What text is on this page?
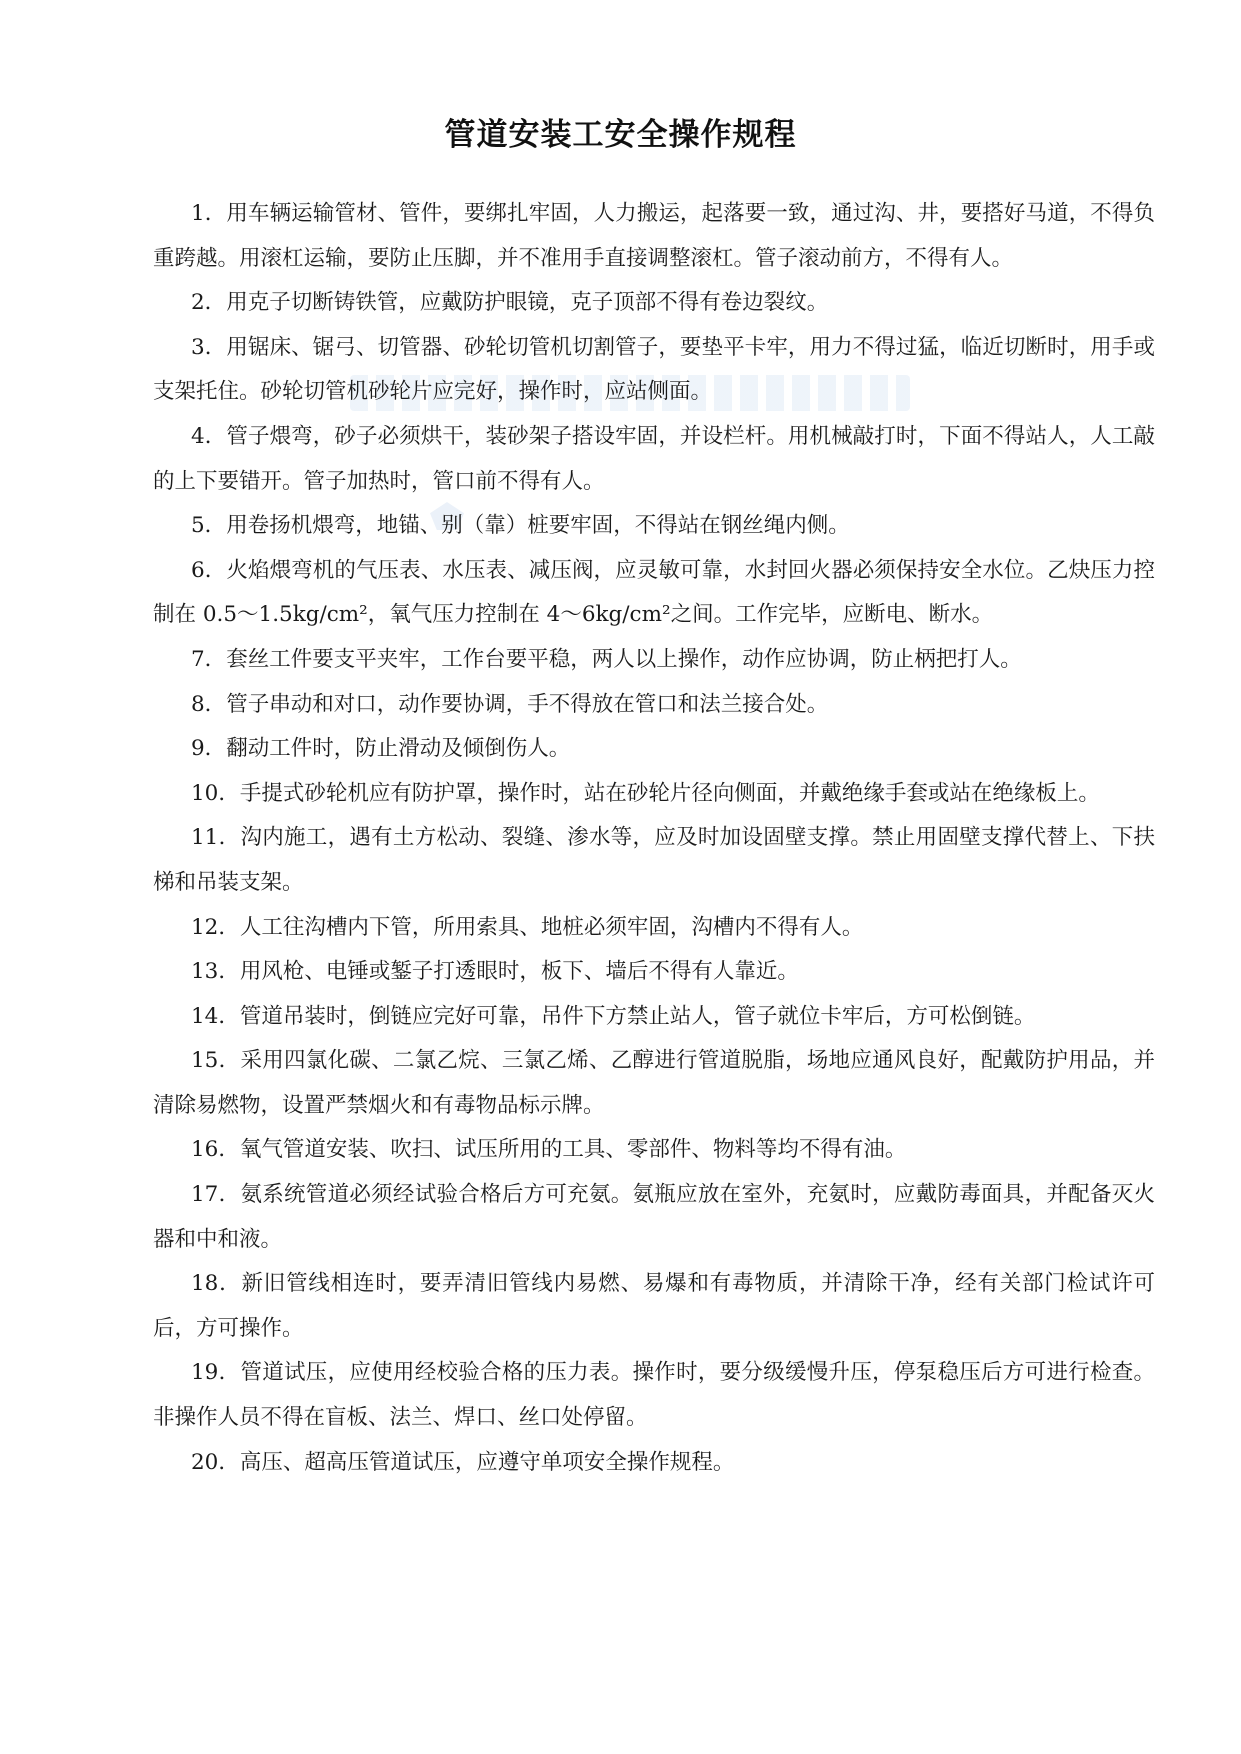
管道安装工安全操作规程

1．用车辆运输管材、管件，要绑扎牢固，人力搬运，起落要一致，通过沟、井，要搭好马道，不得负重跨越。用滚杠运输，要防止压脚，并不准用手直接调整滚杠。管子滚动前方，不得有人。

2．用克子切断铸铁管，应戴防护眼镜，克子顶部不得有卷边裂纹。

3．用锯床、锯弓、切管器、砂轮切管机切割管子，要垫平卡牢，用力不得过猛，临近切断时，用手或支架托住。砂轮切管机砂轮片应完好，操作时，应站侧面。

4．管子煨弯，砂子必须烘干，装砂架子搭设牢固，并设栏杆。用机械敲打时，下面不得站人，人工敲的上下要错开。管子加热时，管口前不得有人。

5．用卷扬机煨弯，地锚、别（靠）桩要牢固，不得站在钢丝绳内侧。

6．火焰煨弯机的气压表、水压表、减压阀，应灵敏可靠，水封回火器必须保持安全水位。乙炔压力控制在 0.5～1.5kg/cm²，氧气压力控制在 4～6kg/cm²之间。工作完毕，应断电、断水。

7．套丝工件要支平夹牢，工作台要平稳，两人以上操作，动作应协调，防止柄把打人。

8．管子串动和对口，动作要协调，手不得放在管口和法兰接合处。

9．翻动工件时，防止滑动及倾倒伤人。

10．手提式砂轮机应有防护罩，操作时，站在砂轮片径向侧面，并戴绝缘手套或站在绝缘板上。

11．沟内施工，遇有土方松动、裂缝、渗水等，应及时加设固壁支撑。禁止用固壁支撑代替上、下扶梯和吊装支架。

12．人工往沟槽内下管，所用索具、地桩必须牢固，沟槽内不得有人。

13．用风枪、电锤或錾子打透眼时，板下、墙后不得有人靠近。

14．管道吊装时，倒链应完好可靠，吊件下方禁止站人，管子就位卡牢后，方可松倒链。

15．采用四氯化碳、二氯乙烷、三氯乙烯、乙醇进行管道脱脂，场地应通风良好，配戴防护用品，并清除易燃物，设置严禁烟火和有毒物品标示牌。

16．氧气管道安装、吹扫、试压所用的工具、零部件、物料等均不得有油。

17．氨系统管道必须经试验合格后方可充氨。氨瓶应放在室外，充氨时，应戴防毒面具，并配备灭火器和中和液。

18．新旧管线相连时，要弄清旧管线内易燃、易爆和有毒物质，并清除干净，经有关部门检试许可后，方可操作。

19．管道试压，应使用经校验合格的压力表。操作时，要分级缓慢升压，停泵稳压后方可进行检查。非操作人员不得在盲板、法兰、焊口、丝口处停留。

20．高压、超高压管道试压，应遵守单项安全操作规程。
